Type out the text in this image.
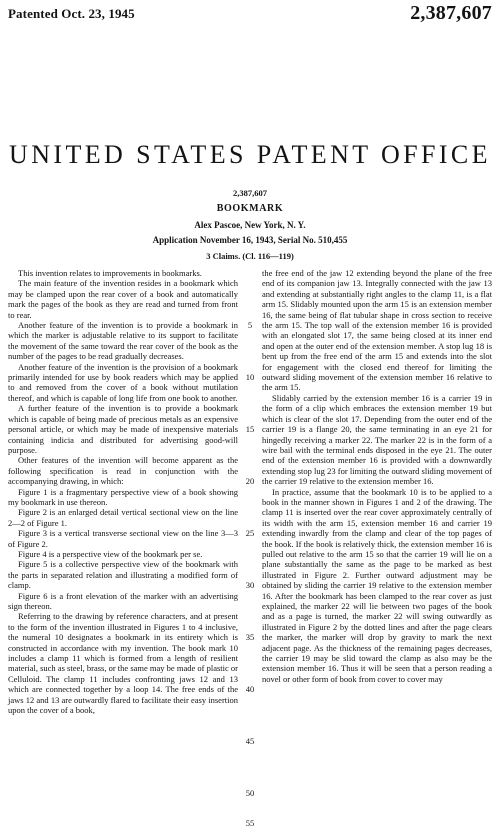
Patented Oct. 23, 1945	2,387,607
UNITED STATES PATENT OFFICE
2,387,607
BOOKMARK
Alex Pascoe, New York, N. Y.
Application November 16, 1943, Serial No. 510,455
3 Claims. (Cl. 116—119)

This invention relates to improvements in bookmarks.

The main feature of the invention resides in a bookmark which may be clamped upon the rear cover of a book and automatically mark the pages of the book as they are read and turned from front to rear.

Another feature of the invention is to provide a bookmark in which the marker is adjustable relative to its support to facilitate the movement of the same toward the rear cover of the book as the number of the pages to be read gradually decreases.

Another feature of the invention is the provision of a bookmark primarily intended for use by book readers which may be applied to and removed from the cover of a book without mutilation thereof, and which is capable of long life from one book to another.

A further feature of the invention is to provide a bookmark which is capable of being made of precious metals as an expensive personal article, or which may be made of inexpensive materials containing indicia and distributed for advertising good-will purpose.

Other features of the invention will become apparent as the following specification is read in conjunction with the accompanying drawing, in which:

Figure 1 is a fragmentary perspective view of a book showing my bookmark in use thereon.

Figure 2 is an enlarged detail vertical sectional view on the line 2—2 of Figure 1.

Figure 3 is a vertical transverse sectional view on the line 3—3 of Figure 2.

Figure 4 is a perspective view of the bookmark per se.

Figure 5 is a collective perspective view of the bookmark with the parts in separated relation and illustrating a modified form of clamp.

Figure 6 is a front elevation of the marker with an advertising sign thereon.

Referring to the drawing by reference characters, and at present to the form of the invention illustrated in Figures 1 to 4 inclusive, the numeral 10 designates a bookmark in its entirety which is constructed in accordance with my invention. The book mark 10 includes a clamp 11 which is formed from a length of resilient material, such as steel, brass, or the same may be made of plastic or Celluloid. The clamp 11 includes confronting jaws 12 and 13 which are connected together by a loop 14. The free ends of the jaws 12 and 13 are outwardly flared to facilitate their easy insertion upon the cover of a book,

5
10
15
20
25
30
35
40
45
50
55

the free end of the jaw 12 extending beyond the plane of the free end of its companion jaw 13. Integrally connected with the jaw 13 and extending at substantially right angles to the clamp 11, is a flat arm 15. Slidably mounted upon the arm 15 is an extension member 16, the same being of flat tubular shape in cross section to receive the arm 15. The top wall of the extension member 16 is provided with an elongated slot 17, the same being closed at its inner end and open at the outer end of the extension member. A stop lug 18 is bent up from the free end of the arm 15 and extends into the slot for engagement with the closed end thereof for limiting the outward sliding movement of the extension member 16 relative to the arm 15.

Slidably carried by the extension member 16 is a carrier 19 in the form of a clip which embraces the extension member 19 but which is clear of the slot 17. Depending from the outer end of the carrier 19 is a flange 20, the same terminating in an eye 21 for hingedly receiving a marker 22. The marker 22 is in the form of a wire bail with the terminal ends disposed in the eye 21. The outer end of the extension member 16 is provided with a downwardly extending stop lug 23 for limiting the outward sliding movement of the carrier 19 relative to the extension member 16.

In practice, assume that the bookmark 10 is to be applied to a book in the manner shown in Figures 1 and 2 of the drawing. The clamp 11 is inserted over the rear cover approximately centrally of its width with the arm 15, extension member 16 and carrier 19 extending inwardly from the clamp and clear of the top pages of the book. If the book is relatively thick, the extension member 16 is pulled out relative to the arm 15 so that the carrier 19 will lie on a plane substantially the same as the page to be marked as best illustrated in Figure 2. Further outward adjustment may be obtained by sliding the carrier 19 relative to the extension member 16. After the bookmark has been clamped to the rear cover as just explained, the marker 22 will lie between two pages of the book and as a page is turned, the marker 22 will swing outwardly as illustrated in Figure 2 by the dotted lines and after the page clears the marker, the marker will drop by gravity to mark the next adjacent page. As the thickness of the remaining pages decreases, the carrier 19 may be slid toward the clamp as also may be the extension member 16. Thus it will be seen that a person reading a novel or other form of book from cover to cover may
